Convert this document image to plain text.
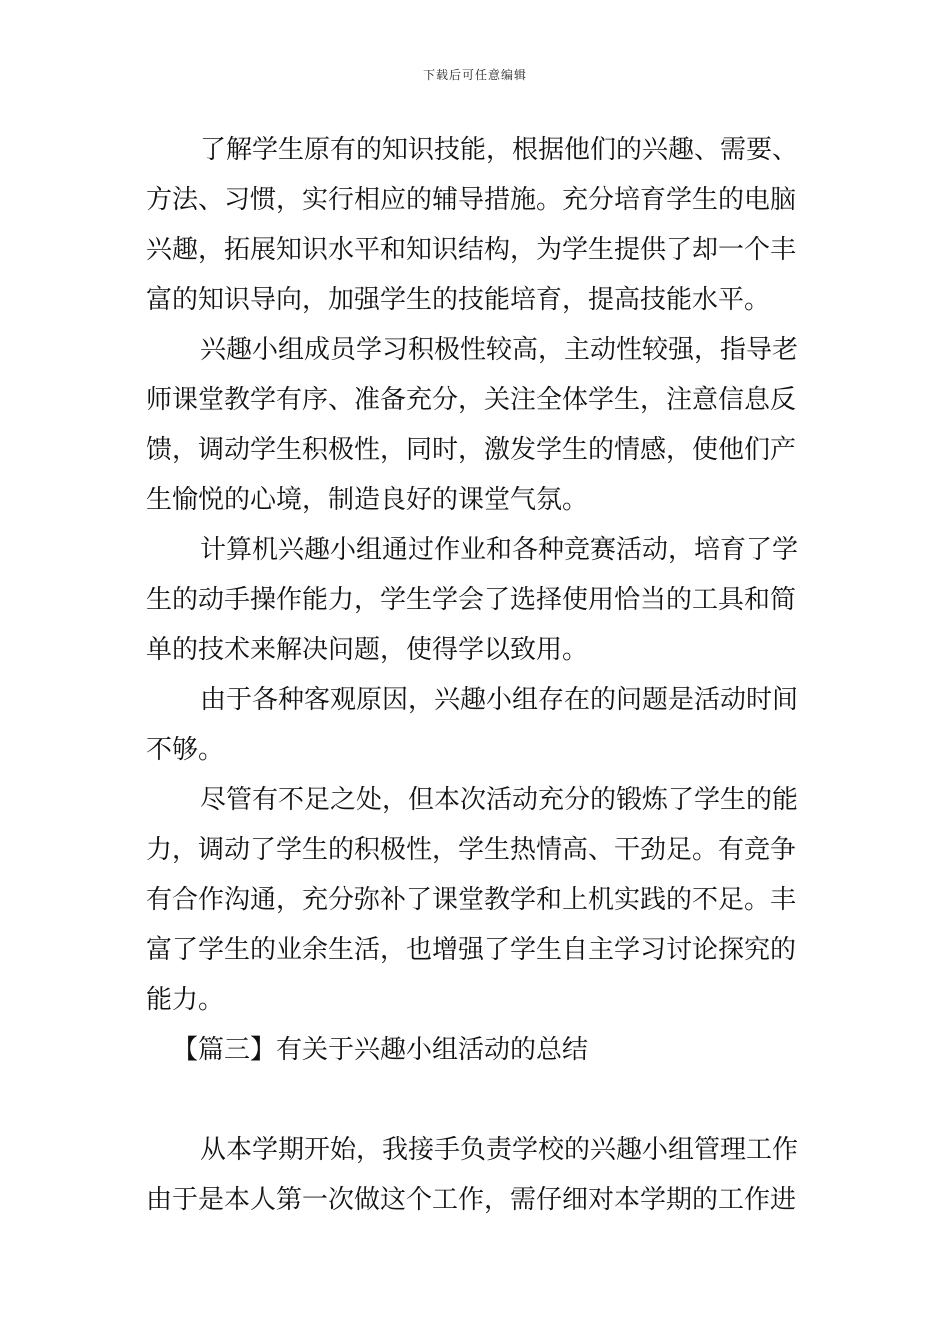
下载后可任意编辑
了解学生原有的知识技能，根据他们的兴趣、需要、
方法、习惯，实行相应的辅导措施。充分培育学生的电脑
兴趣，拓展知识水平和知识结构，为学生提供了却一个丰
富的知识导向，加强学生的技能培育，提高技能水平。
兴趣小组成员学习积极性较高，主动性较强，指导老
师课堂教学有序、准备充分，关注全体学生，注意信息反
馈，调动学生积极性，同时，激发学生的情感，使他们产
生愉悦的心境，制造良好的课堂气氛。
计算机兴趣小组通过作业和各种竞赛活动，培育了学
生的动手操作能力，学生学会了选择使用恰当的工具和简
单的技术来解决问题，使得学以致用。
由于各种客观原因，兴趣小组存在的问题是活动时间
不够。
尽管有不足之处，但本次活动充分的锻炼了学生的能
力，调动了学生的积极性，学生热情高、干劲足。有竞争
有合作沟通，充分弥补了课堂教学和上机实践的不足。丰
富了学生的业余生活，也增强了学生自主学习讨论探究的
能力。
【篇三】有关于兴趣小组活动的总结
从本学期开始，我接手负责学校的兴趣小组管理工作
由于是本人第一次做这个工作，需仔细对本学期的工作进
